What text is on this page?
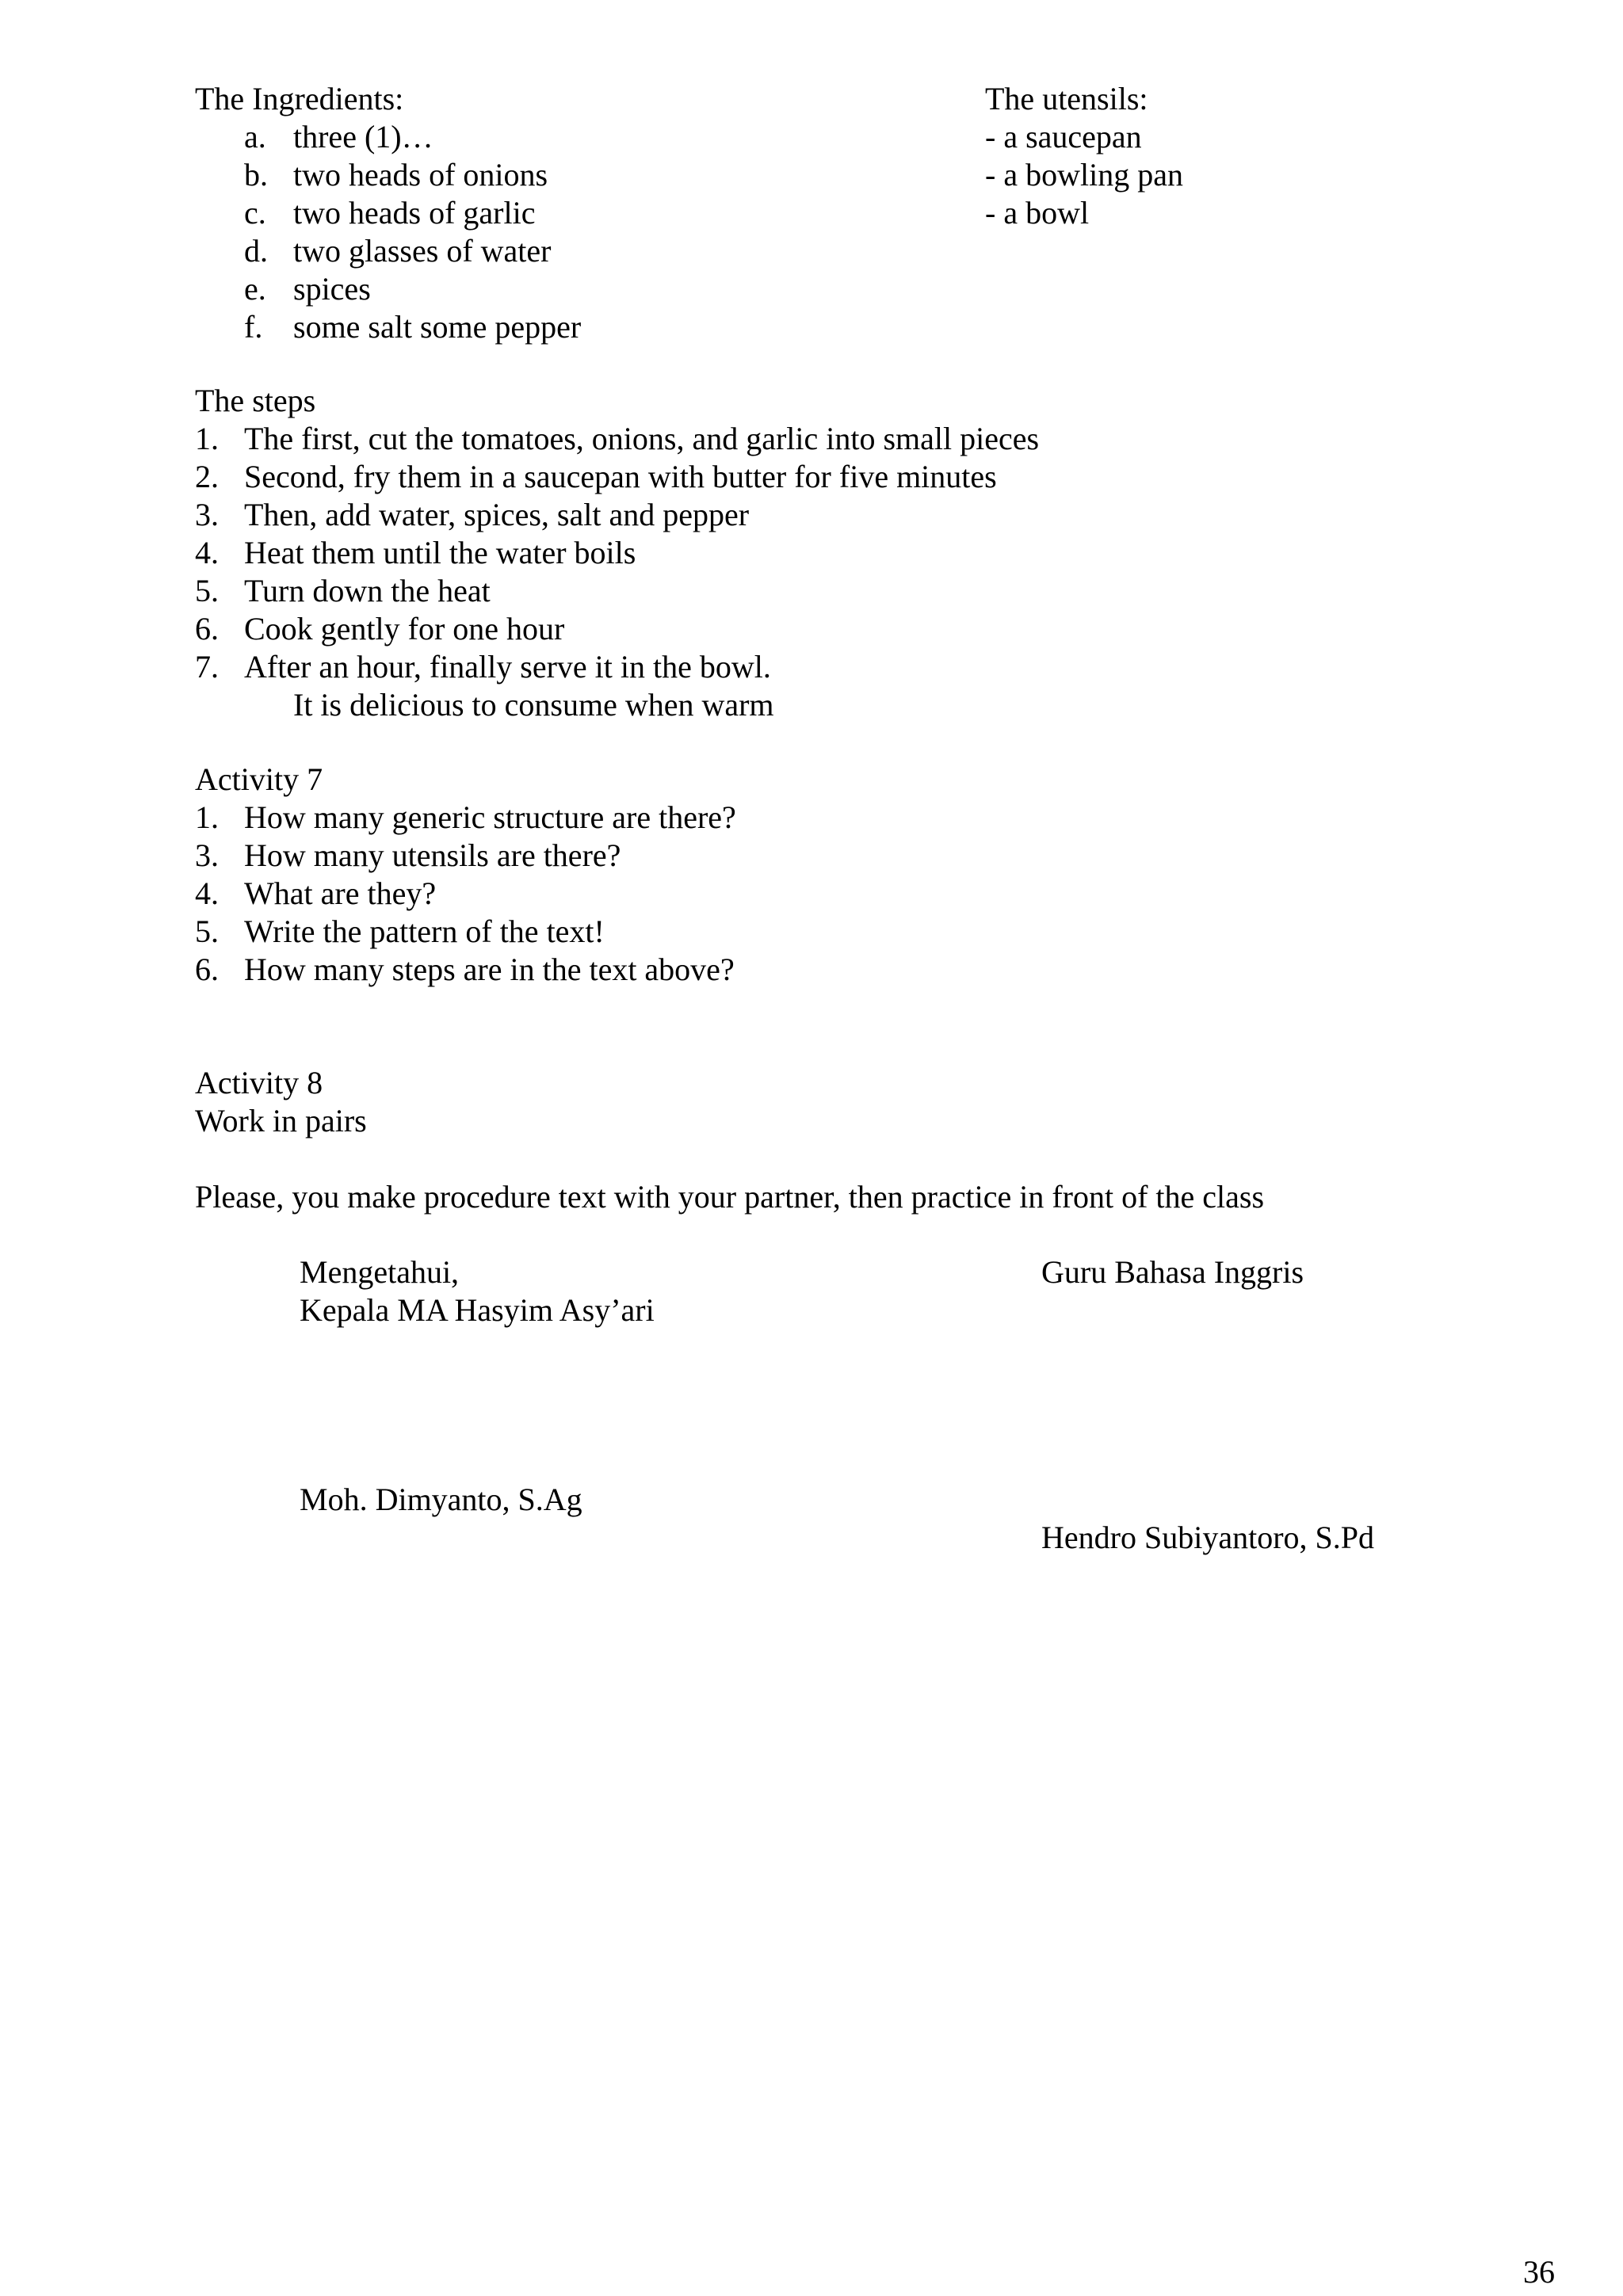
The Ingredients:
a. three (1)…
b. two heads of onions
c. two heads of garlic
d. two glasses of water
e. spices
f. some salt some pepper
The utensils:
- a saucepan
- a bowling pan
- a bowl
The steps
1. The first, cut the tomatoes, onions, and garlic into small pieces
2. Second, fry them in a saucepan with butter for five minutes
3. Then, add water, spices, salt and pepper
4. Heat them until the water boils
5. Turn down the heat
6. Cook gently for one hour
7. After an hour, finally serve it in the bowl.
It is delicious to consume when warm
Activity 7
1. How many generic structure are there?
3. How many utensils are there?
4. What are they?
5. Write the pattern of the text!
6. How many steps are in the text above?
Activity 8
Work in pairs
Please, you make procedure text with your partner, then practice in front of the class
Mengetahui,
Kepala MA Hasyim Asy’ari
Guru Bahasa Inggris
Moh. Dimyanto, S.Ag
Hendro Subiyantoro, S.Pd
36
